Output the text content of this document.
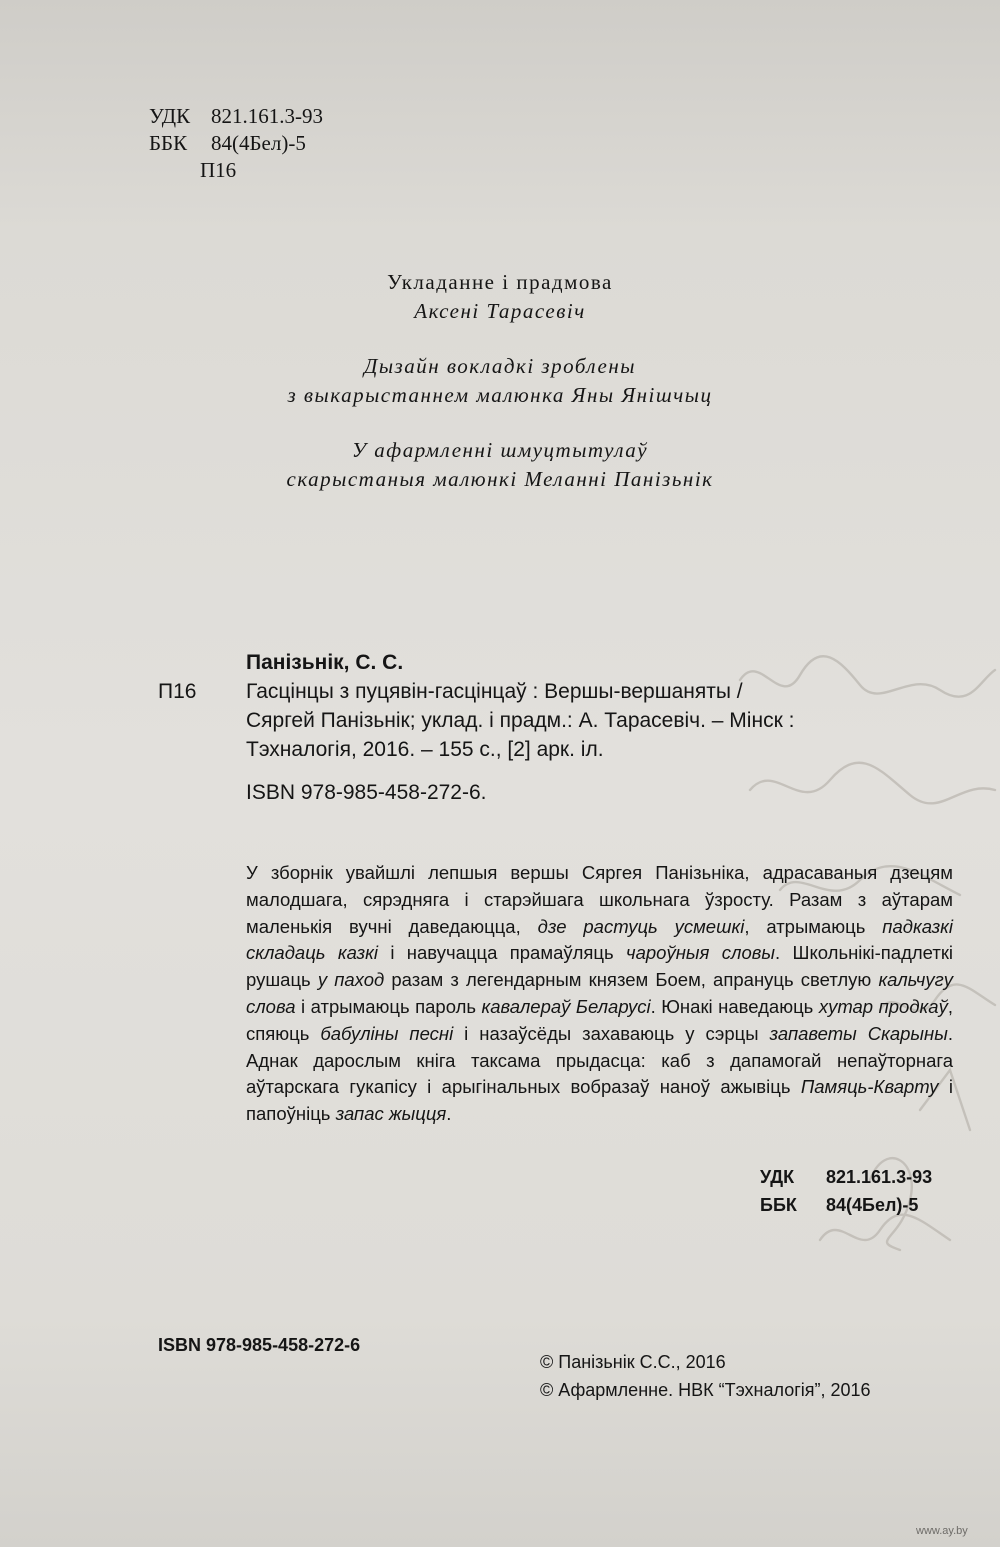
УДК 821.161.3-93
ББК	84(4Бел)-5
П16
Укладанне і прадмова
Аксені Тарасевіч
Дызайн вокладкі зроблены
з выкарыстаннем малюнка Яны Янішчыц
У афармленні шмуцтытулаў
скарыстаныя малюнкі Меланні Панізьнік
Панізьнік, С. С.
П16	Гасцінцы з пуцявін-гасцінцаў : Вершы-вершаняты /
Сяргей Панізьнік; уклад. і прадм.: А. Тарасевіч. – Мінск :
Тэхналогія, 2016. – 155 с., [2] арк. іл.
ISBN 978-985-458-272-6.

У зборнік увайшлі лепшыя вершы Сяргея Панізьніка, адрасаваныя дзецям малодшага, сярэдняга і старэйшага школьнага ўзросту. Разам з аўтарам маленькія вучні даведаюцца, дзе растуць усмешкі, атрымаюць падказкі складаць казкі і навучацца прамаўляць чароўныя словы. Школьнікі-падлеткі рушаць у паход разам з легендарным князем Боем, апрануць светлую кальчугу слова і атрымаюць пароль кавалераў Беларусі. Юнакі наведаюць хутар продкаў, спяюць бабуліны песні і назаўсёды захаваюць у сэрцы запаветы Скарыны. Аднак дарослым кніга таксама прыдасца: каб з дапамогай непаўторнага аўтарскага гукапісу і арыгінальных вобразаў наноў ажывіць Памяць-Кварту і папоўніць запас жыцця.

УДК	821.161.3-93
ББК	84(4Бел)-5
ISBN 978-985-458-272-6
© Панізьнік С.С., 2016
© Афармленне. НВК “Тэхналогія”, 2016
www.ay.by
